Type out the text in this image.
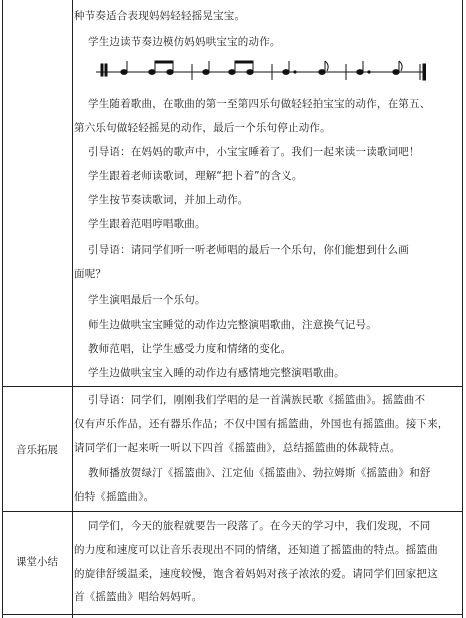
种节奏适合表现妈妈轻轻摇晃宝宝。
学生边读节奏边模仿妈妈哄宝宝的动作。
学生随着歌曲，在歌曲的第一至第四乐句做轻轻拍宝宝的动作，在第五、
第六乐句做轻轻摇晃的动作，最后一个乐句停止动作。
引导语：在妈妈的歌声中，小宝宝睡着了。我们一起来读一读歌词吧！
学生跟着老师读歌词，理解“把卜着”的含义。
学生按节奏读歌词，并加上动作。
学生跟着范唱哼唱歌曲。
引导语：请同学们听一听老师唱的最后一个乐句，你们能想到什么画
面呢？
学生演唱最后一个乐句。
师生边做哄宝宝睡觉的动作边完整演唱歌曲，注意换气记号。
教师范唱，让学生感受力度和情绪的变化。
学生边做哄宝宝入睡的动作边有感情地完整演唱歌曲。
音乐拓展
引导语：同学们，刚刚我们学唱的是一首满族民歌《摇篮曲》。摇篮曲不
仅有声乐作品，还有器乐作品；不仅中国有摇篮曲，外国也有摇篮曲。接下来，
请同学们一起来听一听以下四首《摇篮曲》，总结摇篮曲的体裁特点。
教师播放贺绿汀《摇篮曲》、江定仙《摇篮曲》、勃拉姆斯《摇篮曲》和舒
伯特《摇篮曲》。
课堂小结
同学们，今天的旅程就要告一段落了。在今天的学习中，我们发现，不同
的力度和速度可以让音乐表现出不同的情绪，还知道了摇篮曲的特点。摇篮曲
的旋律舒缓温柔，速度较慢，饱含着妈妈对孩子浓浓的爱。请同学们回家把这
首《摇篮曲》唱给妈妈听。
